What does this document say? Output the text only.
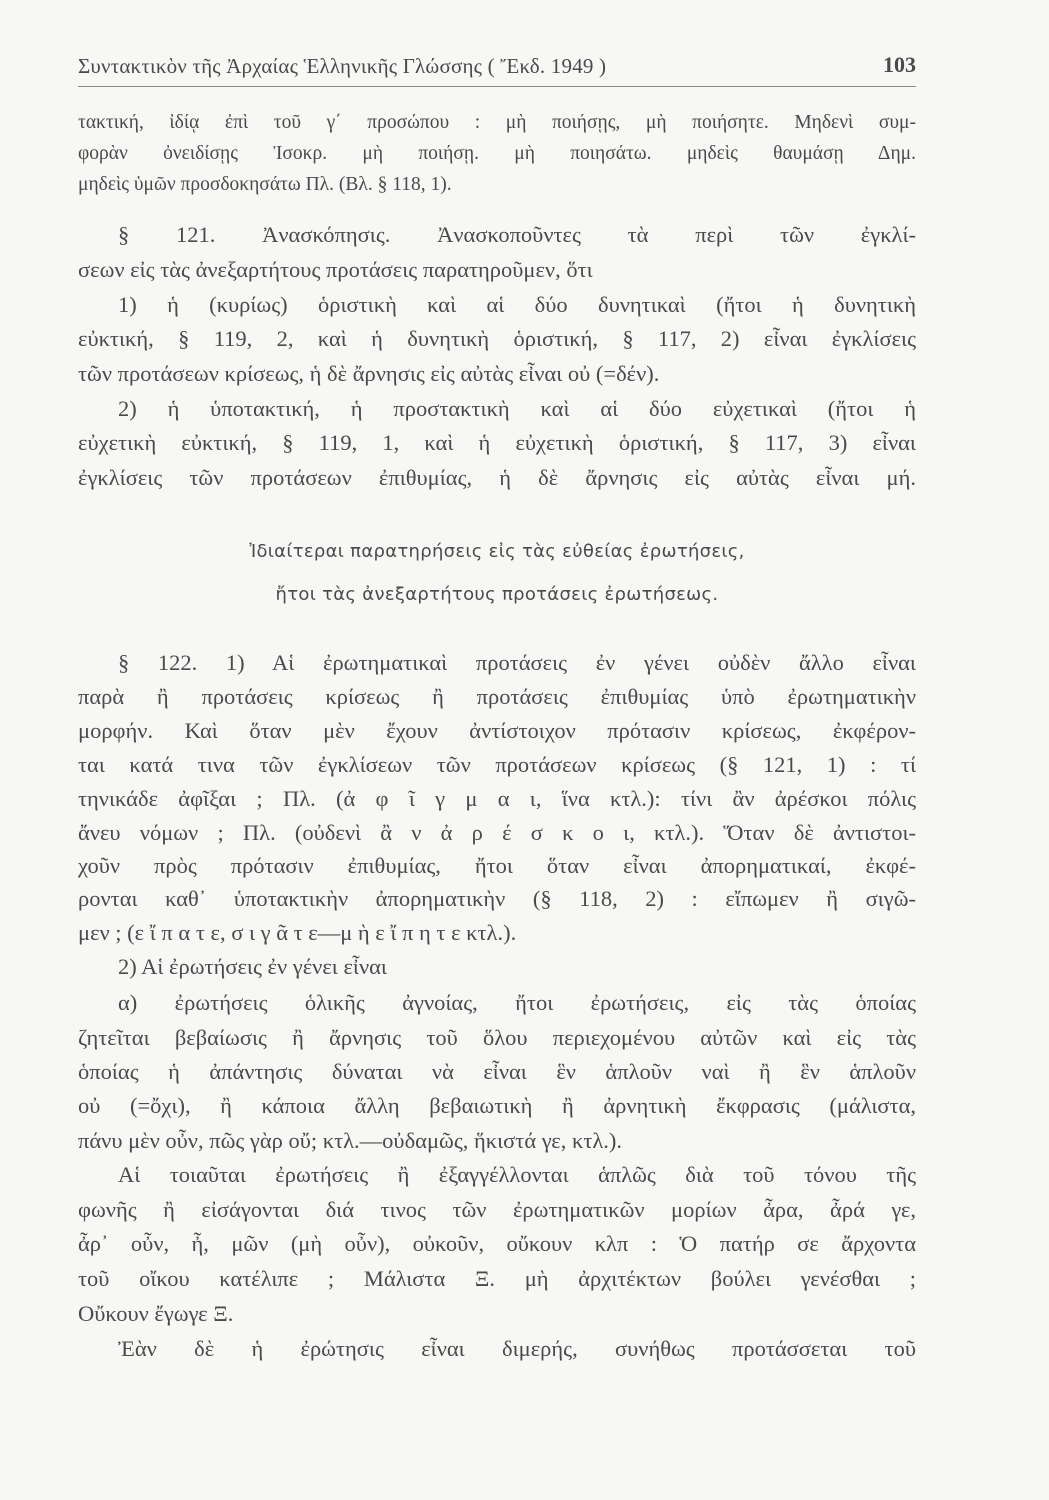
Συντακτικὸν τῆς Ἀρχαίας Ἑλληνικῆς Γλώσσης ( Ἔκδ. 1949 )	103
τακτική, ἰδίᾳ ἐπὶ τοῦ γ΄ προσώπου : μὴ ποιήσῃς, μὴ ποιήσητε. Μηδενὶ συμ-
φορὰν ὀνειδίσῃς Ἰσοκρ. μὴ ποιήσῃ. μὴ ποιησάτω. μηδεὶς θαυμάσῃ Δημ.
μηδεὶς ὑμῶν προσδοκησάτω Πλ. (Βλ. § 118, 1).
§ 121. Ἀνασκόπησις. Ἀνασκοποῦντες τὰ περὶ τῶν ἐγκλί-
σεων εἰς τὰς ἀνεξαρτήτους προτάσεις παρατηροῦμεν, ὅτι
1) ἡ (κυρίως) ὁριστικὴ καὶ αἱ δύο δυνητικαὶ (ἤτοι ἡ δυνητικὴ
εὐκτική, § 119, 2, καὶ ἡ δυνητικὴ ὁριστική, § 117, 2) εἶναι ἐγκλίσεις
τῶν προτάσεων κρίσεως, ἡ δὲ ἄρνησις εἰς αὐτὰς εἶναι οὐ (=δέν).
2) ἡ ὑποτακτική, ἡ προστακτικὴ καὶ αἱ δύο εὐχετικαὶ (ἤτοι ἡ
εὐχετικὴ εὐκτική, § 119, 1, καὶ ἡ εὐχετικὴ ὁριστική, § 117, 3) εἶναι
ἐγκλίσεις τῶν προτάσεων ἐπιθυμίας, ἡ δὲ ἄρνησις εἰς αὐτὰς εἶναι μή.
Ἰδιαίτεραι παρατηρήσεις εἰς τὰς εὐθείας ἐρωτήσεις,
ἤτοι τὰς ἀνεξαρτήτους προτάσεις ἐρωτήσεως.
§ 122. 1) Αἱ ἐρωτηματικαὶ προτάσεις ἐν γένει οὐδὲν ἄλλο εἶναι
παρὰ ἢ προτάσεις κρίσεως ἢ προτάσεις ἐπιθυμίας ὑπὸ ἐρωτηματικὴν
μορφήν. Καὶ ὅταν μὲν ἔχουν ἀντίστοιχον πρότασιν κρίσεως, ἐκφέρον-
ται κατά τινα τῶν ἐγκλίσεων τῶν προτάσεων κρίσεως (§ 121, 1) : τί
τηνικάδε ἀφῖξαι ; Πλ. (ἀ φ ῖ γ μ α ι, ἵνα κτλ.): τίνι ἂν ἀρέσκοι πόλις
ἄνευ νόμων ; Πλ. (οὐδενὶ ἂ ν ἀ ρ έ σ κ ο ι, κτλ.). Ὅταν δὲ ἀντιστοι-
χοῦν πρὸς πρότασιν ἐπιθυμίας, ἤτοι ὅταν εἶναι ἀπορηματικαί, ἐκφέ-
ρονται καθ᾽ ὑποτακτικὴν ἀπορηματικὴν (§ 118, 2) : εἴπωμεν ἢ σιγῶ-
μεν ; (ε ἴ π α τ ε, σ ι γ ᾶ τ ε—μ ὴ ε ἴ π η τ ε κτλ.).
2) Αἱ ἐρωτήσεις ἐν γένει εἶναι
α) ἐρωτήσεις ὁλικῆς ἀγνοίας, ἤτοι ἐρωτήσεις, εἰς τὰς ὁποίας
ζητεῖται βεβαίωσις ἢ ἄρνησις τοῦ ὅλου περιεχομένου αὐτῶν καὶ εἰς τὰς
ὁποίας ἡ ἀπάντησις δύναται νὰ εἶναι ἓν ἁπλοῦν ναὶ ἢ ἓν ἁπλοῦν
οὐ (=ὄχι), ἢ κάποια ἄλλη βεβαιωτικὴ ἢ ἀρνητικὴ ἔκφρασις (μάλιστα,
πάνυ μὲν οὖν, πῶς γὰρ οὔ; κτλ.—οὐδαμῶς, ἥκιστά γε, κτλ.).
Αἱ τοιαῦται ἐρωτήσεις ἢ ἐξαγγέλλονται ἁπλῶς διὰ τοῦ τόνου τῆς
φωνῆς ἢ εἰσάγονται διά τινος τῶν ἐρωτηματικῶν μορίων ἆρα, ἆρά γε,
ἆρ᾽ οὖν, ἦ, μῶν (μὴ οὖν), οὐκοῦν, οὔκουν κλπ : Ὁ πατήρ σε ἄρχοντα
τοῦ οἴκου κατέλιπε ; Μάλιστα Ξ. μὴ ἀρχιτέκτων βούλει γενέσθαι ;
Οὔκουν ἔγωγε Ξ.
Ἐὰν δὲ ἡ ἐρώτησις εἶναι διμερής, συνήθως προτάσσεται τοῦ
